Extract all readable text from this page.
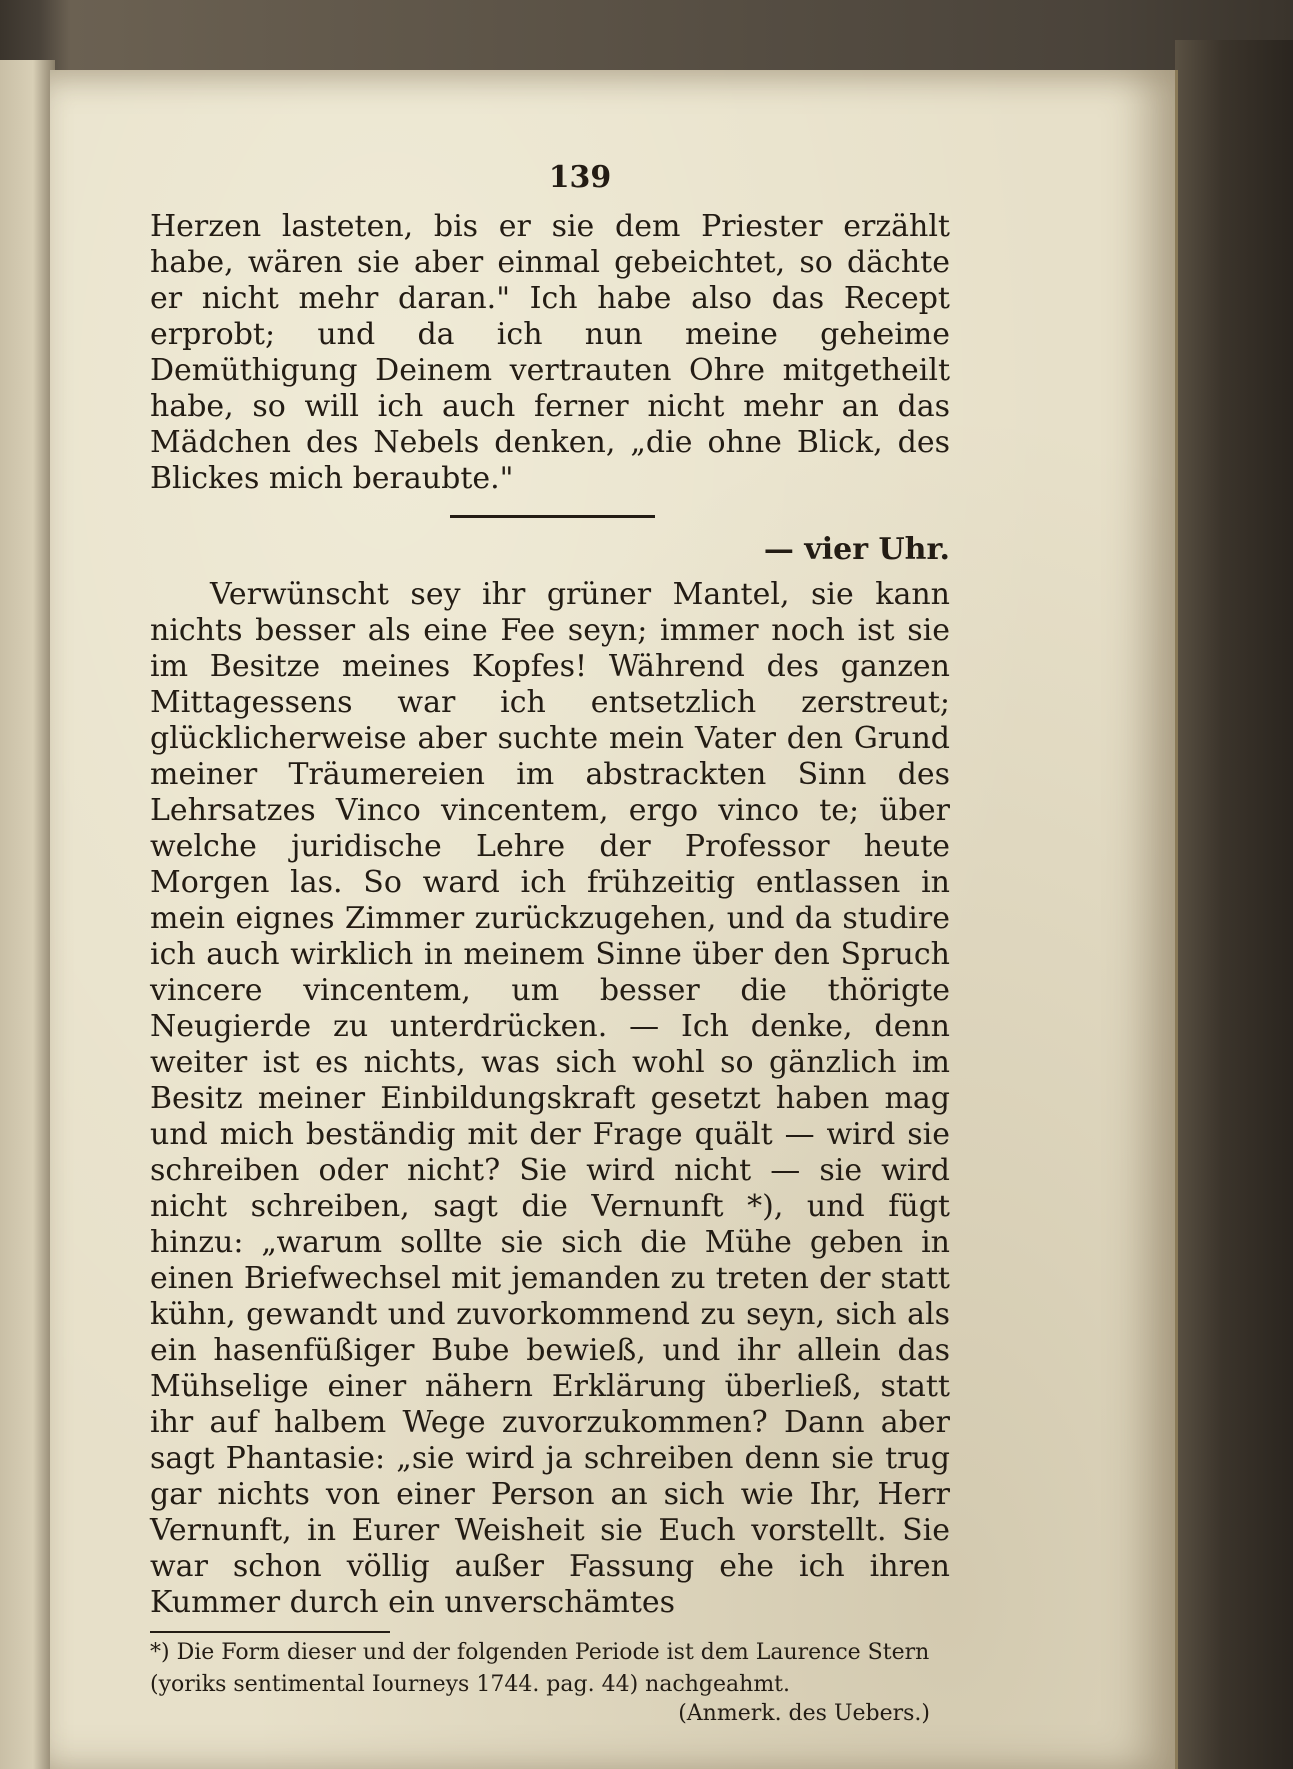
139

Herzen lasteten, bis er sie dem Priester erzählt habe, wären sie aber einmal gebeichtet, so dächte er nicht mehr daran." Ich habe also das Recept erprobt; und da ich nun meine geheime Demüthigung Deinem vertrauten Ohre mitgetheilt habe, so will ich auch ferner nicht mehr an das Mädchen des Nebels denken, „die ohne Blick, des Blickes mich beraubte."

— vier Uhr.

Verwünscht sey ihr grüner Mantel, sie kann nichts besser als eine Fee seyn; immer noch ist sie im Besitze meines Kopfes! Während des ganzen Mittagessens war ich entsetzlich zerstreut; glücklicherweise aber suchte mein Vater den Grund meiner Träumereien im abstrackten Sinn des Lehrsatzes Vinco vincentem, ergo vinco te; über welche juridische Lehre der Professor heute Morgen las. So ward ich frühzeitig entlassen in mein eignes Zimmer zurückzugehen, und da studire ich auch wirklich in meinem Sinne über den Spruch vincere vincentem, um besser die thörigte Neugierde zu unterdrücken. — Ich denke, denn weiter ist es nichts, was sich wohl so gänzlich im Besitz meiner Einbildungskraft gesetzt haben mag und mich beständig mit der Frage quält — wird sie schreiben oder nicht? Sie wird nicht — sie wird nicht schreiben, sagt die Vernunft *), und fügt hinzu: „warum sollte sie sich die Mühe geben in einen Briefwechsel mit jemanden zu treten der statt kühn, gewandt und zuvorkommend zu seyn, sich als ein hasenfüßiger Bube bewieß, und ihr allein das Mühselige einer nähern Erklärung überließ, statt ihr auf halbem Wege zuvorzukommen? Dann aber sagt Phantasie: „sie wird ja schreiben denn sie trug gar nichts von einer Person an sich wie Ihr, Herr Vernunft, in Eurer Weisheit sie Euch vorstellt. Sie war schon völlig außer Fassung ehe ich ihren Kummer durch ein unverschämtes

*) Die Form dieser und der folgenden Periode ist dem Laurence Stern (yoriks sentimental Iourneys 1744. pag. 44) nachgeahmt.

(Anmerk. des Uebers.)
